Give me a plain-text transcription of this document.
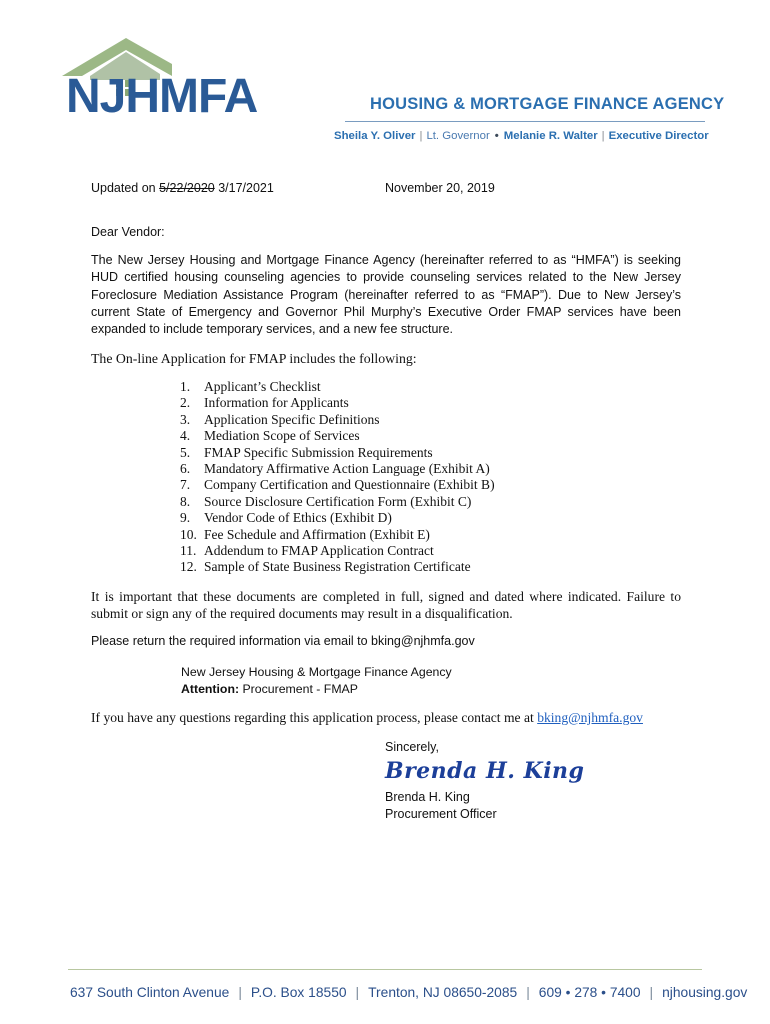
NJHMFA	HOUSING & MORTGAGE FINANCE AGENCY
Sheila Y. Oliver | Lt. Governor • Melanie R. Walter | Executive Director
Updated on 5/22/2020 3/17/2021	November 20, 2019
Dear Vendor:
The New Jersey Housing and Mortgage Finance Agency (hereinafter referred to as “HMFA”) is seeking HUD certified housing counseling agencies to provide counseling services related to the New Jersey Foreclosure Mediation Assistance Program (hereinafter referred to as “FMAP”). Due to New Jersey’s current State of Emergency and Governor Phil Murphy’s Executive Order FMAP services have been expanded to include temporary services, and a new fee structure.
The On-line Application for FMAP includes the following:
1.	Applicant’s Checklist
2.	Information for Applicants
3.	Application Specific Definitions
4.	Mediation Scope of Services
5.	FMAP Specific Submission Requirements
6.	Mandatory Affirmative Action Language (Exhibit A)
7.	Company Certification and Questionnaire (Exhibit B)
8.	Source Disclosure Certification Form (Exhibit C)
9.	Vendor Code of Ethics (Exhibit D)
10. Fee Schedule and Affirmation (Exhibit E)
11. Addendum to FMAP Application Contract
12. Sample of State Business Registration Certificate
It is important that these documents are completed in full, signed and dated where indicated. Failure to submit or sign any of the required documents may result in a disqualification.
Please return the required information via email to bking@njhmfa.gov
New Jersey Housing & Mortgage Finance Agency
Attention: Procurement - FMAP
If you have any questions regarding this application process, please contact me at bking@njhmfa.gov
Sincerely,
Brenda H. King
Brenda H. King
Procurement Officer
637 South Clinton Avenue | P.O. Box 18550 | Trenton, NJ 08650-2085 | 609 • 278 • 7400 | njhousing.gov
